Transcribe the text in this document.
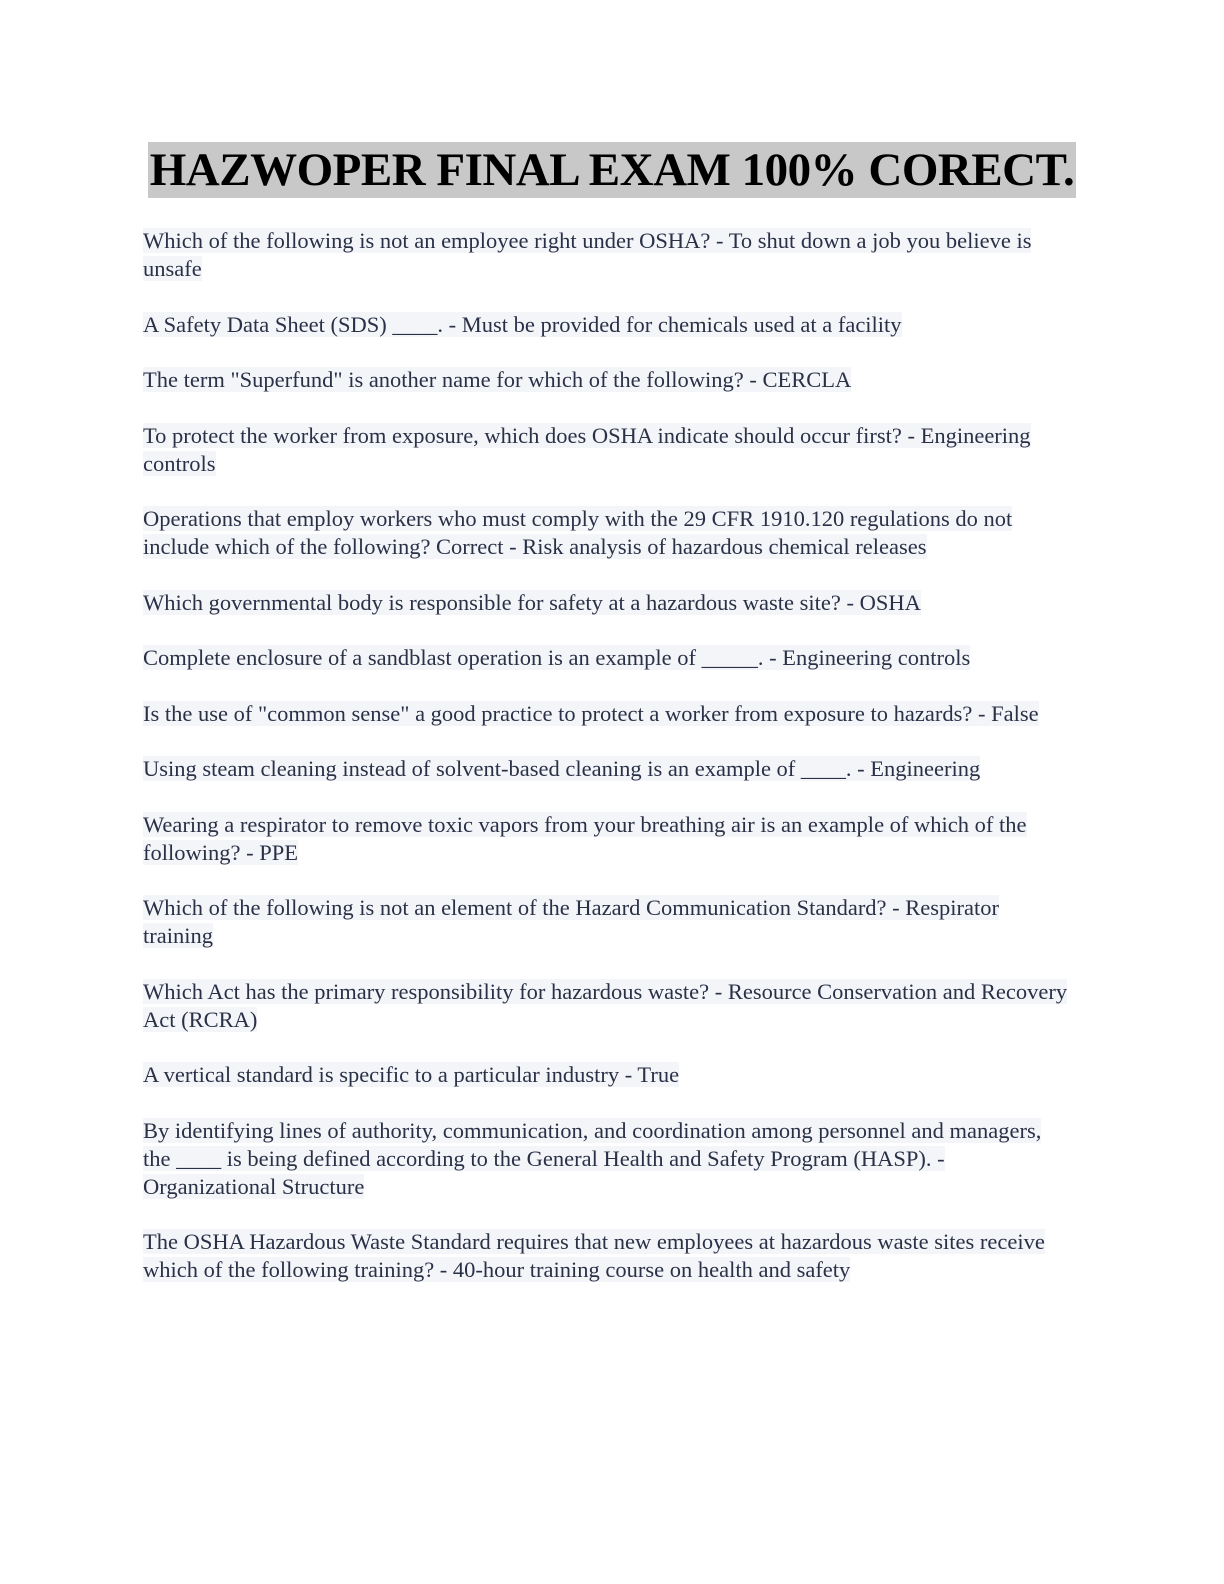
HAZWOPER FINAL EXAM 100% CORECT.

Which of the following is not an employee right under OSHA? - To shut down a job you believe is unsafe

A Safety Data Sheet (SDS) ____. - Must be provided for chemicals used at a facility

The term "Superfund" is another name for which of the following? - CERCLA

To protect the worker from exposure, which does OSHA indicate should occur first? - Engineering controls

Operations that employ workers who must comply with the 29 CFR 1910.120 regulations do not include which of the following? Correct - Risk analysis of hazardous chemical releases

Which governmental body is responsible for safety at a hazardous waste site? - OSHA

Complete enclosure of a sandblast operation is an example of _____. - Engineering controls

Is the use of "common sense" a good practice to protect a worker from exposure to hazards? - False

Using steam cleaning instead of solvent-based cleaning is an example of ____. - Engineering

Wearing a respirator to remove toxic vapors from your breathing air is an example of which of the following? - PPE

Which of the following is not an element of the Hazard Communication Standard? - Respirator training

Which Act has the primary responsibility for hazardous waste? - Resource Conservation and Recovery Act (RCRA)

A vertical standard is specific to a particular industry - True

By identifying lines of authority, communication, and coordination among personnel and managers, the ____ is being defined according to the General Health and Safety Program (HASP). - Organizational Structure

The OSHA Hazardous Waste Standard requires that new employees at hazardous waste sites receive which of the following training? - 40-hour training course on health and safety
